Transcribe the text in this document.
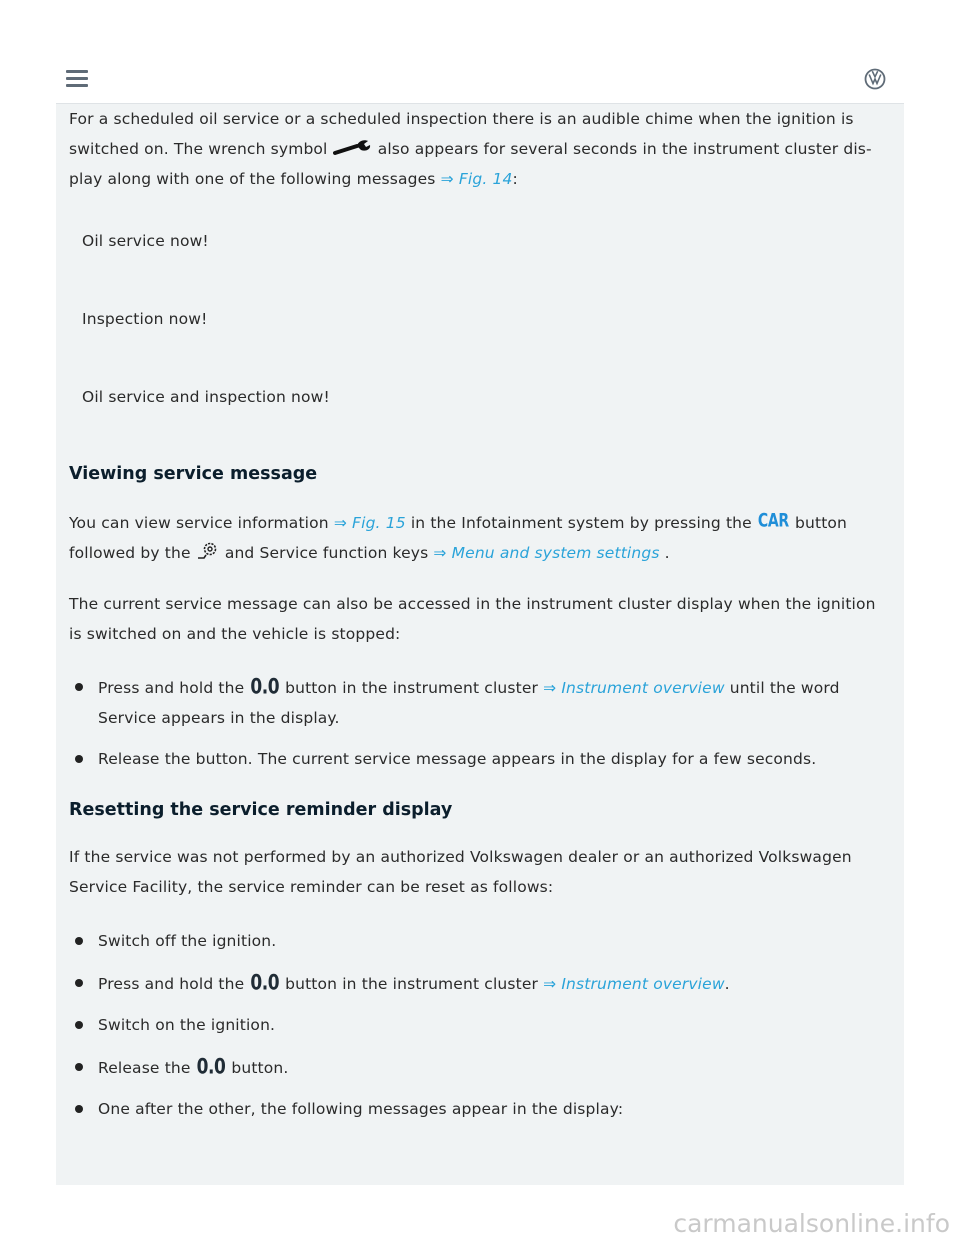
For a scheduled oil service or a scheduled inspection there is an audible chime when the ignition is switched on. The wrench symbol	also appears for several seconds in the instrument cluster dis-play along with one of the following messages ⇒ Fig. 14:

Oil service now!

Inspection now!

Oil service and inspection now!

Viewing service message

You can view service information ⇒ Fig. 15 in the Infotainment system by pressing the CAR button followed by the and Service function keys ⇒ Menu and system settings .

The current service message can also be accessed in the instrument cluster display when the ignition is switched on and the vehicle is stopped:

Press and hold the 0.0 button in the instrument cluster ⇒ Instrument overview until the word Service appears in the display.

Release the button. The current service message appears in the display for a few seconds.

Resetting the service reminder display

If the service was not performed by an authorized Volkswagen dealer or an authorized Volkswagen Service Facility, the service reminder can be reset as follows:

Switch off the ignition.

Press and hold the 0.0 button in the instrument cluster ⇒ Instrument overview.

Switch on the ignition.

Release the 0.0 button.

One after the other, the following messages appear in the display:

carmanualsonline.info
